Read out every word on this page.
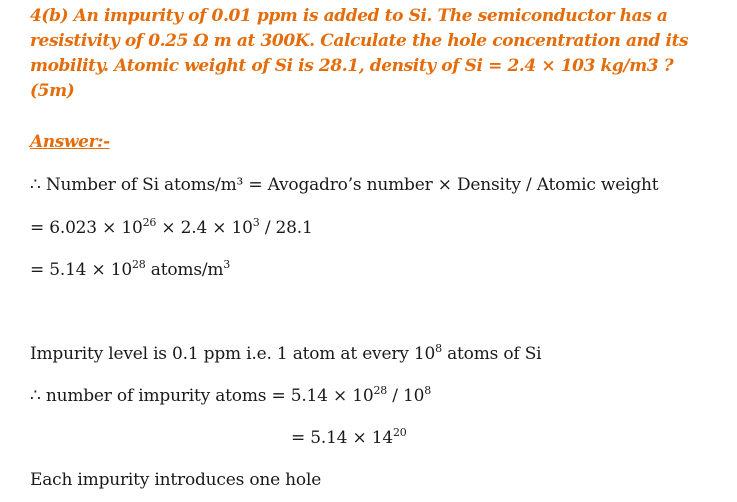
4(b) An impurity of 0.01 ppm is added to Si. The semiconductor has a
resistivity of 0.25 Ω m at 300K. Calculate the hole concentration and its
mobility. Atomic weight of Si is 28.1, density of Si = 2.4 × 103 kg/m3 ?
(5m)
Answer:-
∴ Number of Si atoms/m³ = Avogadro’s number × Density / Atomic weight
= $6.023 \times 10^{26} \times 2.4 \times 10^3 / 28.1$
= $5.14 \times 10^{28}$ atoms/$m^3$
Impurity level is 0.1 ppm i.e. 1 atom at every $10^8$ atoms of Si
∴ number of impurity atoms = $5.14 \times 10^{28} / 10^8$
= $5.14 \times 14^{20}$
Each impurity introduces one hole
